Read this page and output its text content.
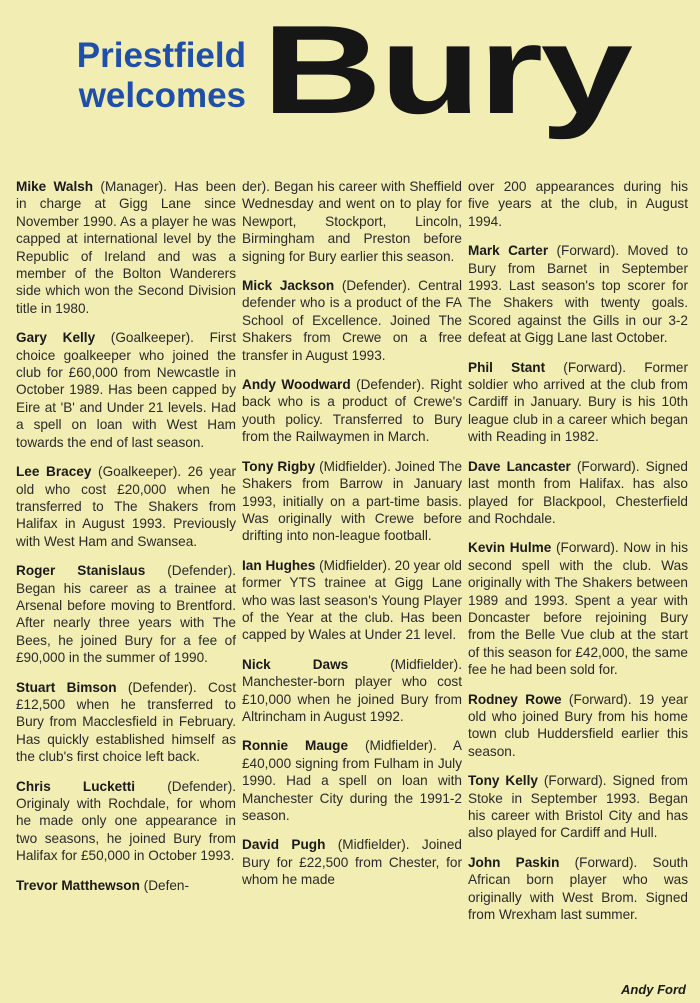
Priestfield
welcomes Bury

Mike Walsh (Manager). Has been in charge at Gigg Lane since November 1990. As a player he was capped at international level by the Republic of Ireland and was a member of the Bolton Wanderers side which won the Second Division title in 1980.

Gary Kelly (Goalkeeper). First choice goalkeeper who joined the club for £60,000 from Newcastle in October 1989. Has been capped by Eire at 'B' and Under 21 levels. Had a spell on loan with West Ham towards the end of last season.

Lee Bracey (Goalkeeper). 26 year old who cost £20,000 when he transferred to The Shakers from Halifax in August 1993. Previously with West Ham and Swansea.

Roger Stanislaus (Defender). Began his career as a trainee at Arsenal before moving to Brentford. After nearly three years with The Bees, he joined Bury for a fee of £90,000 in the summer of 1990.

Stuart Bimson (Defender). Cost £12,500 when he transferred to Bury from Macclesfield in February. Has quickly established himself as the club's first choice left back.

Chris Lucketti (Defender). Originaly with Rochdale, for whom he made only one appearance in two seasons, he joined Bury from Halifax for £50,000 in October 1993.

Trevor Matthewson (Defen-

der). Began his career with Sheffield Wednesday and went on to play for Newport, Stockport, Lincoln, Birmingham and Preston before signing for Bury earlier this season.

Mick Jackson (Defender). Central defender who is a product of the FA School of Excellence. Joined The Shakers from Crewe on a free transfer in August 1993.

Andy Woodward (Defender). Right back who is a product of Crewe's youth policy. Transferred to Bury from the Railwaymen in March.

Tony Rigby (Midfielder). Joined The Shakers from Barrow in January 1993, initially on a part-time basis. Was originally with Crewe before drifting into non-league football.

Ian Hughes (Midfielder). 20 year old former YTS trainee at Gigg Lane who was last season's Young Player of the Year at the club. Has been capped by Wales at Under 21 level.

Nick Daws (Midfielder). Manchester-born player who cost £10,000 when he joined Bury from Altrincham in August 1992.

Ronnie Mauge (Midfielder). A £40,000 signing from Fulham in July 1990. Had a spell on loan with Manchester City during the 1991-2 season.

David Pugh (Midfielder). Joined Bury for £22,500 from Chester, for whom he made

over 200 appearances during his five years at the club, in August 1994.

Mark Carter (Forward). Moved to Bury from Barnet in September 1993. Last season's top scorer for The Shakers with twenty goals. Scored against the Gills in our 3-2 defeat at Gigg Lane last October.

Phil Stant (Forward). Former soldier who arrived at the club from Cardiff in January. Bury is his 10th league club in a career which began with Reading in 1982.

Dave Lancaster (Forward). Signed last month from Halifax. has also played for Blackpool, Chesterfield and Rochdale.

Kevin Hulme (Forward). Now in his second spell with the club. Was originally with The Shakers between 1989 and 1993. Spent a year with Doncaster before rejoining Bury from the Belle Vue club at the start of this season for £42,000, the same fee he had been sold for.

Rodney Rowe (Forward). 19 year old who joined Bury from his home town club Huddersfield earlier this season.

Tony Kelly (Forward). Signed from Stoke in September 1993. Began his career with Bristol City and has also played for Cardiff and Hull.

John Paskin (Forward). South African born player who was originally with West Brom. Signed from Wrexham last summer.

Andy Ford
